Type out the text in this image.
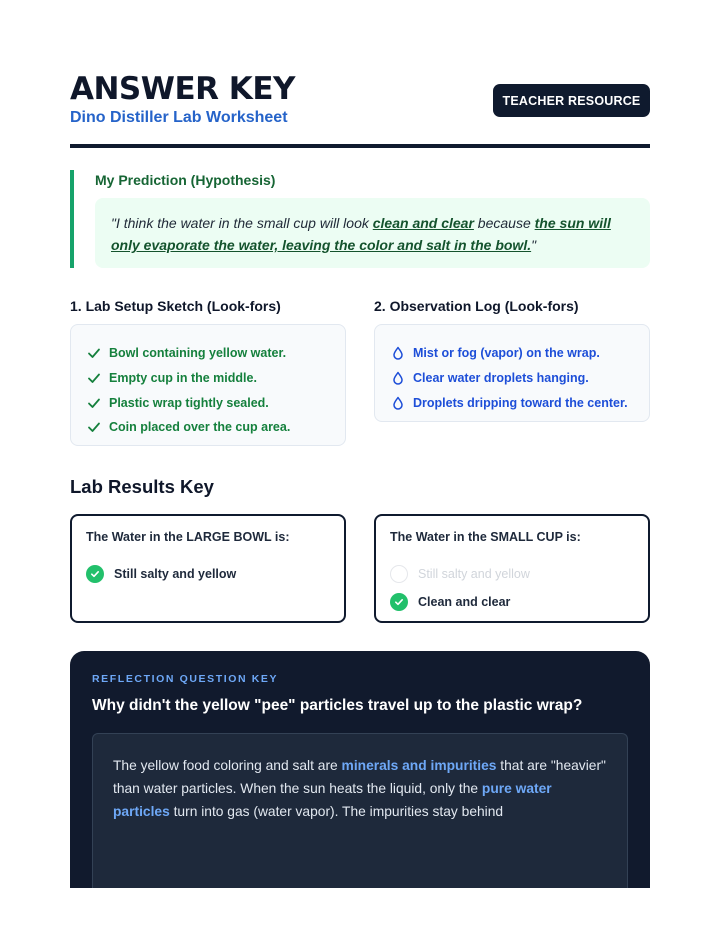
ANSWER KEY
Dino Distiller Lab Worksheet
TEACHER RESOURCE
My Prediction (Hypothesis)
"I think the water in the small cup will look clean and clear because the sun will only evaporate the water, leaving the color and salt in the bowl."
1. Lab Setup Sketch (Look-fors)
Bowl containing yellow water.
Empty cup in the middle.
Plastic wrap tightly sealed.
Coin placed over the cup area.
2. Observation Log (Look-fors)
Mist or fog (vapor) on the wrap.
Clear water droplets hanging.
Droplets dripping toward the center.
Lab Results Key
The Water in the LARGE BOWL is:
Still salty and yellow
The Water in the SMALL CUP is:
Still salty and yellow
Clean and clear
REFLECTION QUESTION KEY
Why didn't the yellow "pee" particles travel up to the plastic wrap?
The yellow food coloring and salt are minerals and impurities that are "heavier" than water particles. When the sun heats the liquid, only the pure water particles turn into gas (water vapor). The impurities stay behind
